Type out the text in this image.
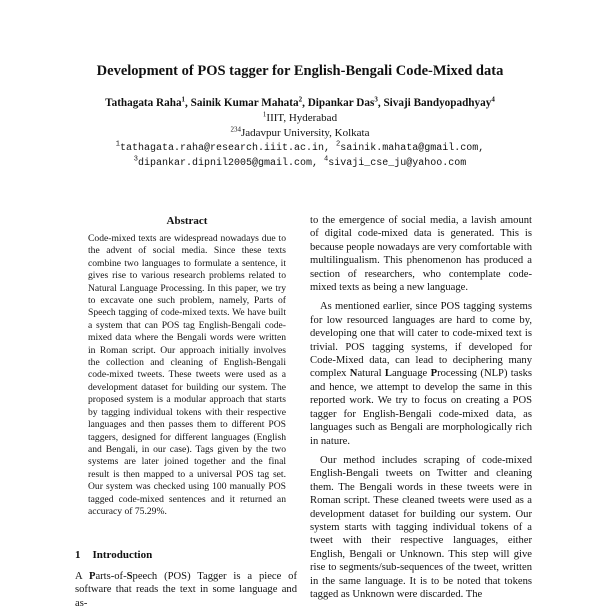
Development of POS tagger for English-Bengali Code-Mixed data
Tathagata Raha$^1$, Sainik Kumar Mahata$^2$, Dipankar Das$^3$, Sivaji Bandyopadhyay$^4$
$^1$IIIT, Hyderabad
$^{234}$Jadavpur University, Kolkata
$^1$tathagata.raha@research.iiit.ac.in, $^2$sainik.mahata@gmail.com,
$^3$dipankar.dipnil2005@gmail.com, $^4$sivaji_cse_ju@yahoo.com
Abstract
Code-mixed texts are widespread nowadays due to the advent of social media. Since these texts combine two languages to formulate a sentence, it gives rise to various research problems related to Natural Language Processing. In this paper, we try to excavate one such problem, namely, Parts of Speech tagging of code-mixed texts. We have built a system that can POS tag English-Bengali code-mixed data where the Bengali words were written in Roman script. Our approach initially involves the collection and cleaning of English-Bengali code-mixed tweets. These tweets were used as a development dataset for building our system. The proposed system is a modular approach that starts by tagging individual tokens with their respective languages and then passes them to different POS taggers, designed for different languages (English and Bengali, in our case). Tags given by the two systems are later joined together and the final result is then mapped to a universal POS tag set. Our system was checked using 100 manually POS tagged code-mixed sentences and it returned an accuracy of 75.29%.

to the emergence of social media, a lavish amount of digital code-mixed data is generated. This is because people nowadays are very comfortable with multilingualism. This phenomenon has produced a section of researchers, who contemplate code-mixed texts as being a new language.

As mentioned earlier, since POS tagging systems for low resourced languages are hard to come by, developing one that will cater to code-mixed text is trivial. POS tagging systems, if developed for Code-Mixed data, can lead to deciphering many complex Natural Language Processing (NLP) tasks and hence, we attempt to develop the same in this reported work. We try to focus on creating a POS tagger for English-Bengali code-mixed data, as languages such as Bengali are morphologically rich in nature.

Our method includes scraping of code-mixed English-Bengali tweets on Twitter and cleaning them. The Bengali words in these tweets were in Roman script. These cleaned tweets were used as a development dataset for building our system. Our system starts with tagging individual tokens of a tweet with their respective languages, either English, Bengali or Unknown. This step will give rise to segments/sub-sequences of the tweet, written in the same language. It is to be noted that tokens tagged as Unknown were discarded. The

1 Introduction
A Parts-of-Speech (POS) Tagger is a piece of software that reads the text in some language and as-
